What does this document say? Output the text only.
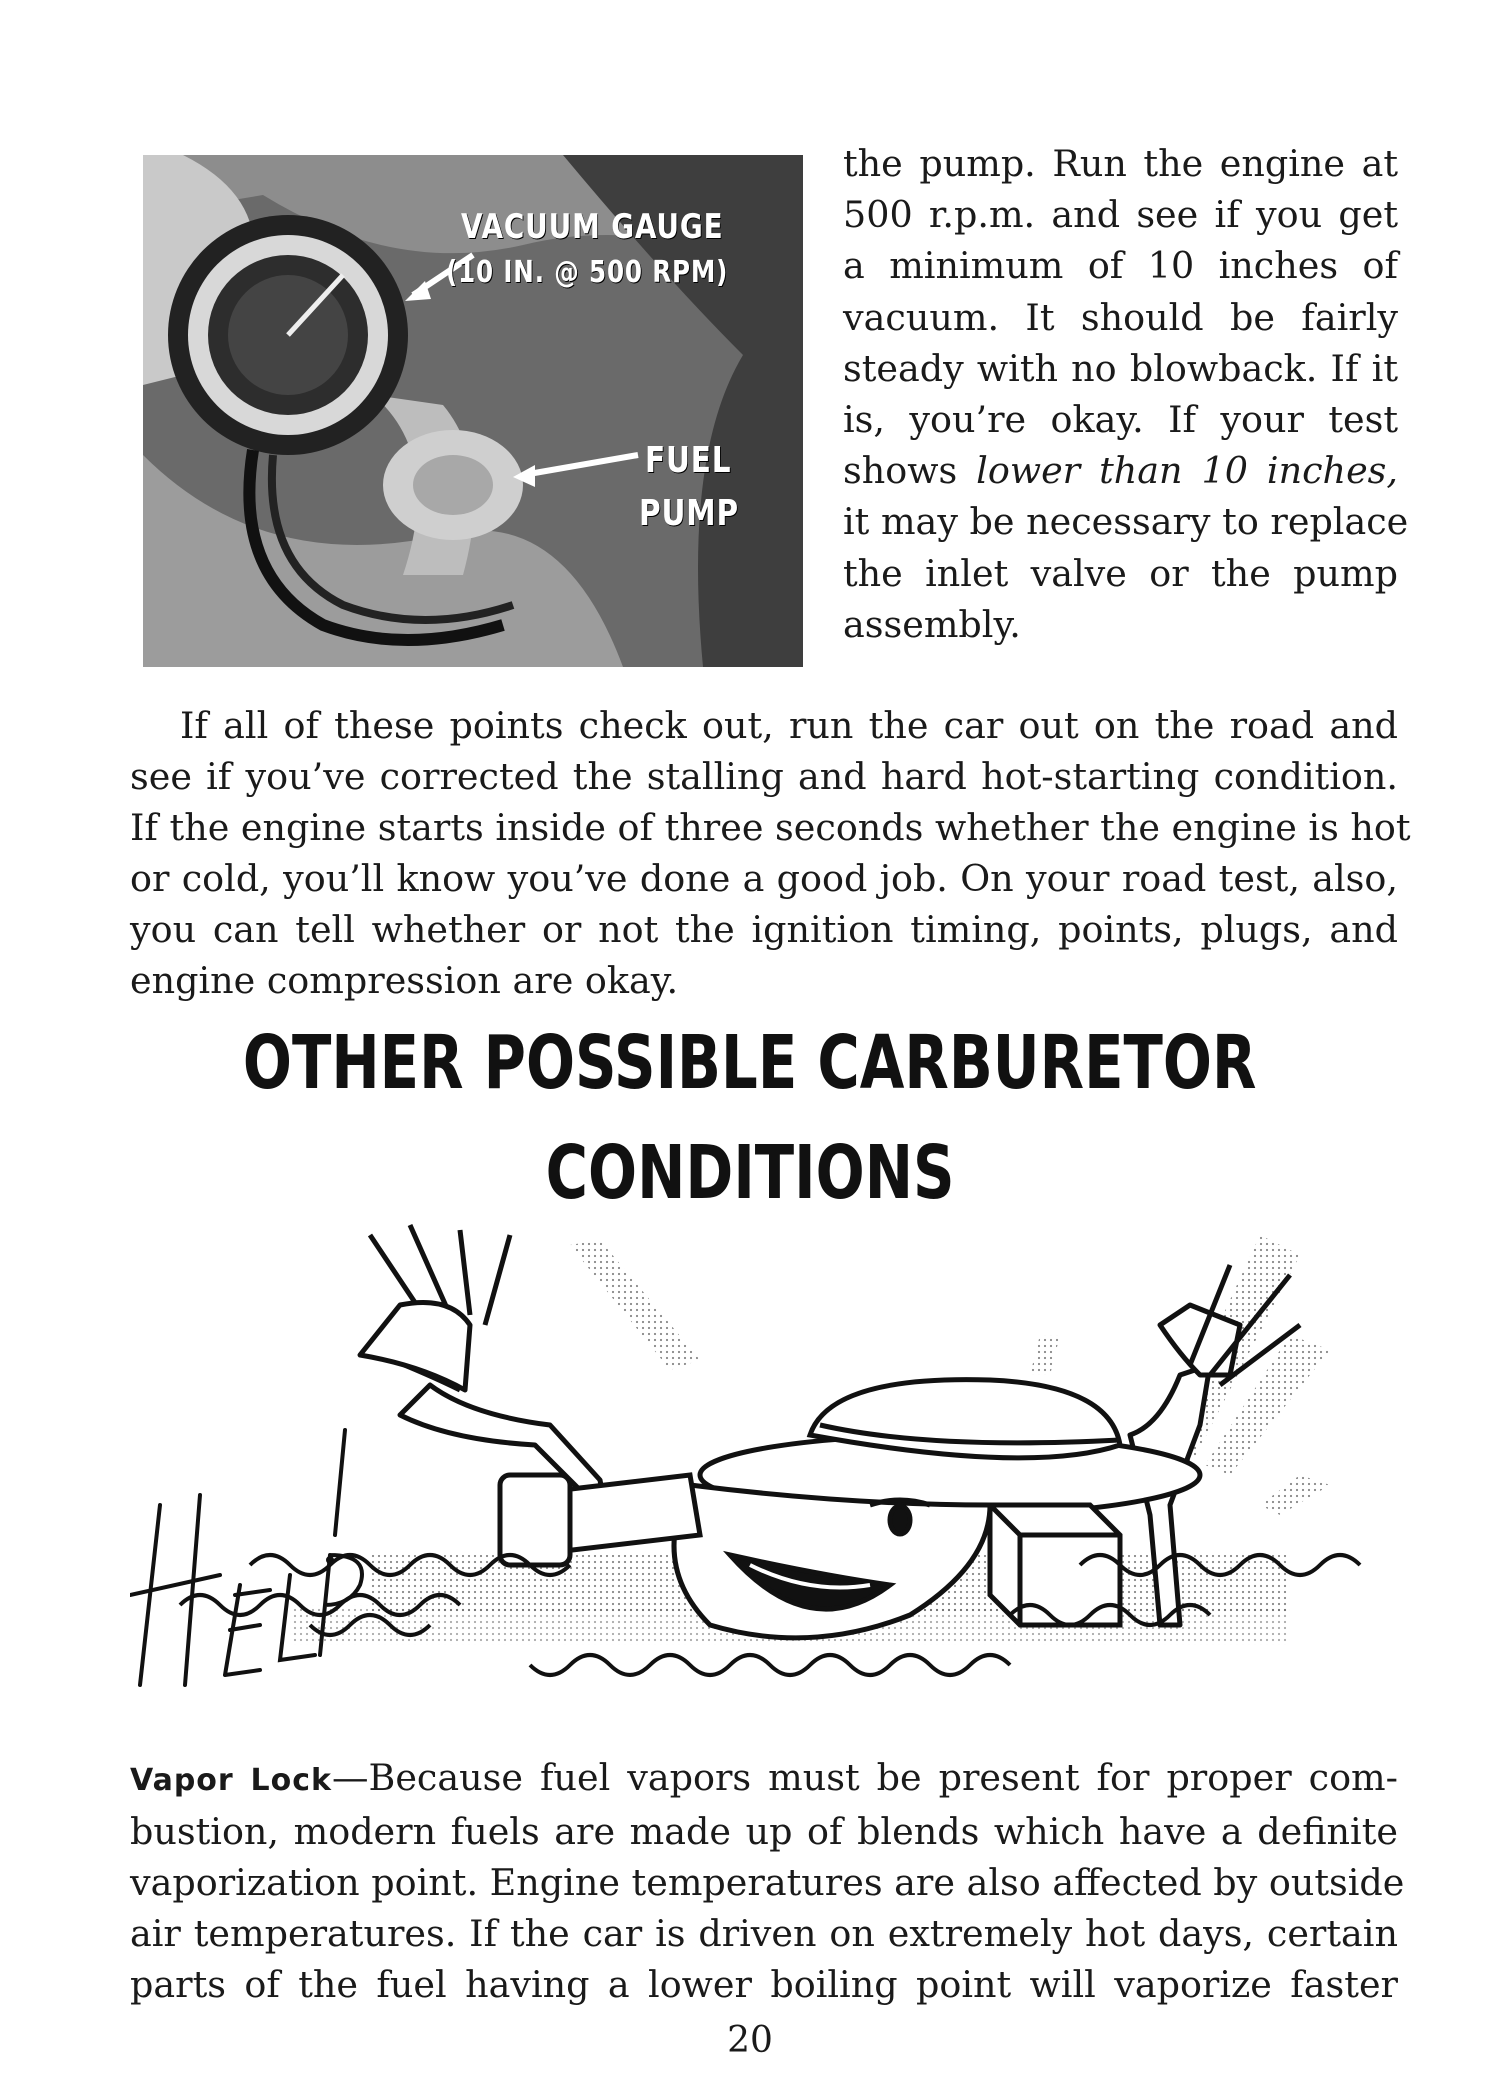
VACUUM GAUGE
(10 IN. @ 500 RPM)
FUEL
PUMP
the pump. Run the engine at
500 r.p.m. and see if you get
a minimum of 10 inches of
vacuum. It should be fairly
steady with no blowback. If it
is, you’re okay. If your test
shows lower than 10 inches,
it may be necessary to replace
the inlet valve or the pump
assembly.
If all of these points check out, run the car out on the road and
see if you’ve corrected the stalling and hard hot-starting condition.
If the engine starts inside of three seconds whether the engine is hot
or cold, you’ll know you’ve done a good job. On your road test, also,
you can tell whether or not the ignition timing, points, plugs, and
engine compression are okay.
OTHER POSSIBLE CARBURETOR
CONDITIONS
Vapor Lock—Because fuel vapors must be present for proper com-
bustion, modern fuels are made up of blends which have a definite
vaporization point. Engine temperatures are also affected by outside
air temperatures. If the car is driven on extremely hot days, certain
parts of the fuel having a lower boiling point will vaporize faster
20
